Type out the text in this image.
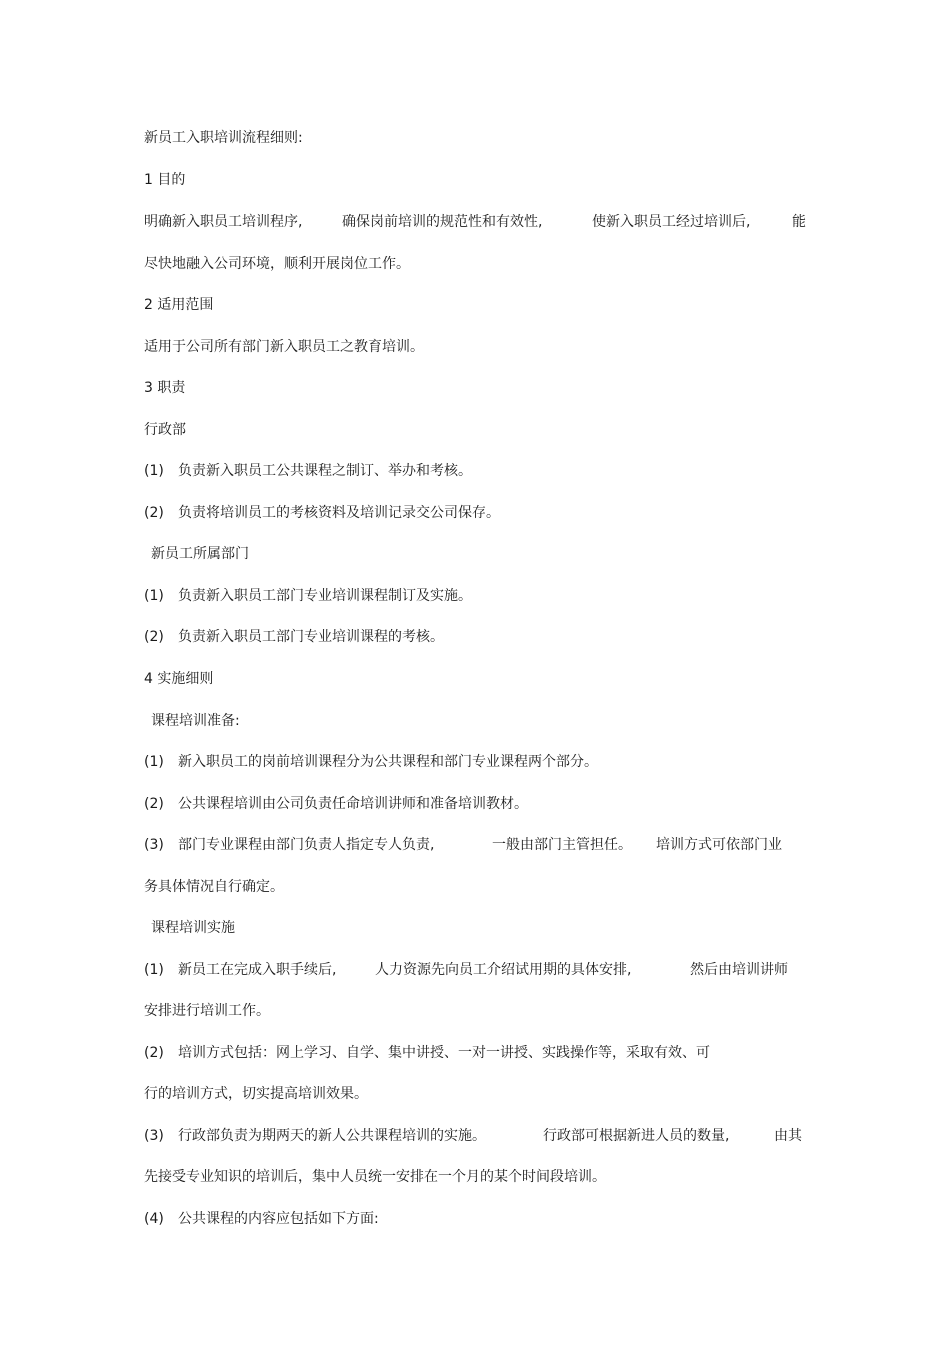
新员工入职培训流程细则:

1 目的

明确新入职员工培训程序,	确保岗前培训的规范性和有效性,	使新入职员工经过培训后,	能

尽快地融入公司环境，顺利开展岗位工作。

2 适用范围

适用于公司所有部门新入职员工之教育培训。

3 职责

行政部

(1) 负责新入职员工公共课程之制订、举办和考核。

(2) 负责将培训员工的考核资料及培训记录交公司保存。

新员工所属部门

(1) 负责新入职员工部门专业培训课程制订及实施。

(2) 负责新入职员工部门专业培训课程的考核。

4 实施细则

课程培训准备:

(1) 新入职员工的岗前培训课程分为公共课程和部门专业课程两个部分。

(2) 公共课程培训由公司负责任命培训讲师和准备培训教材。

(3) 部门专业课程由部门负责人指定专人负责,	一般由部门主管担任。 培训方式可依部门业

务具体情况自行确定。

课程培训实施

(1) 新员工在完成入职手续后,	人力资源先向员工介绍试用期的具体安排,	然后由培训讲师

安排进行培训工作。

(2) 培训方式包括：网上学习、自学、集中讲授、一对一讲授、实践操作等，采取有效、可

行的培训方式，切实提高培训效果。

(3) 行政部负责为期两天的新人公共课程培训的实施。	行政部可根据新进人员的数量,	由其

先接受专业知识的培训后，集中人员统一安排在一个月的某个时间段培训。

(4) 公共课程的内容应包括如下方面:
